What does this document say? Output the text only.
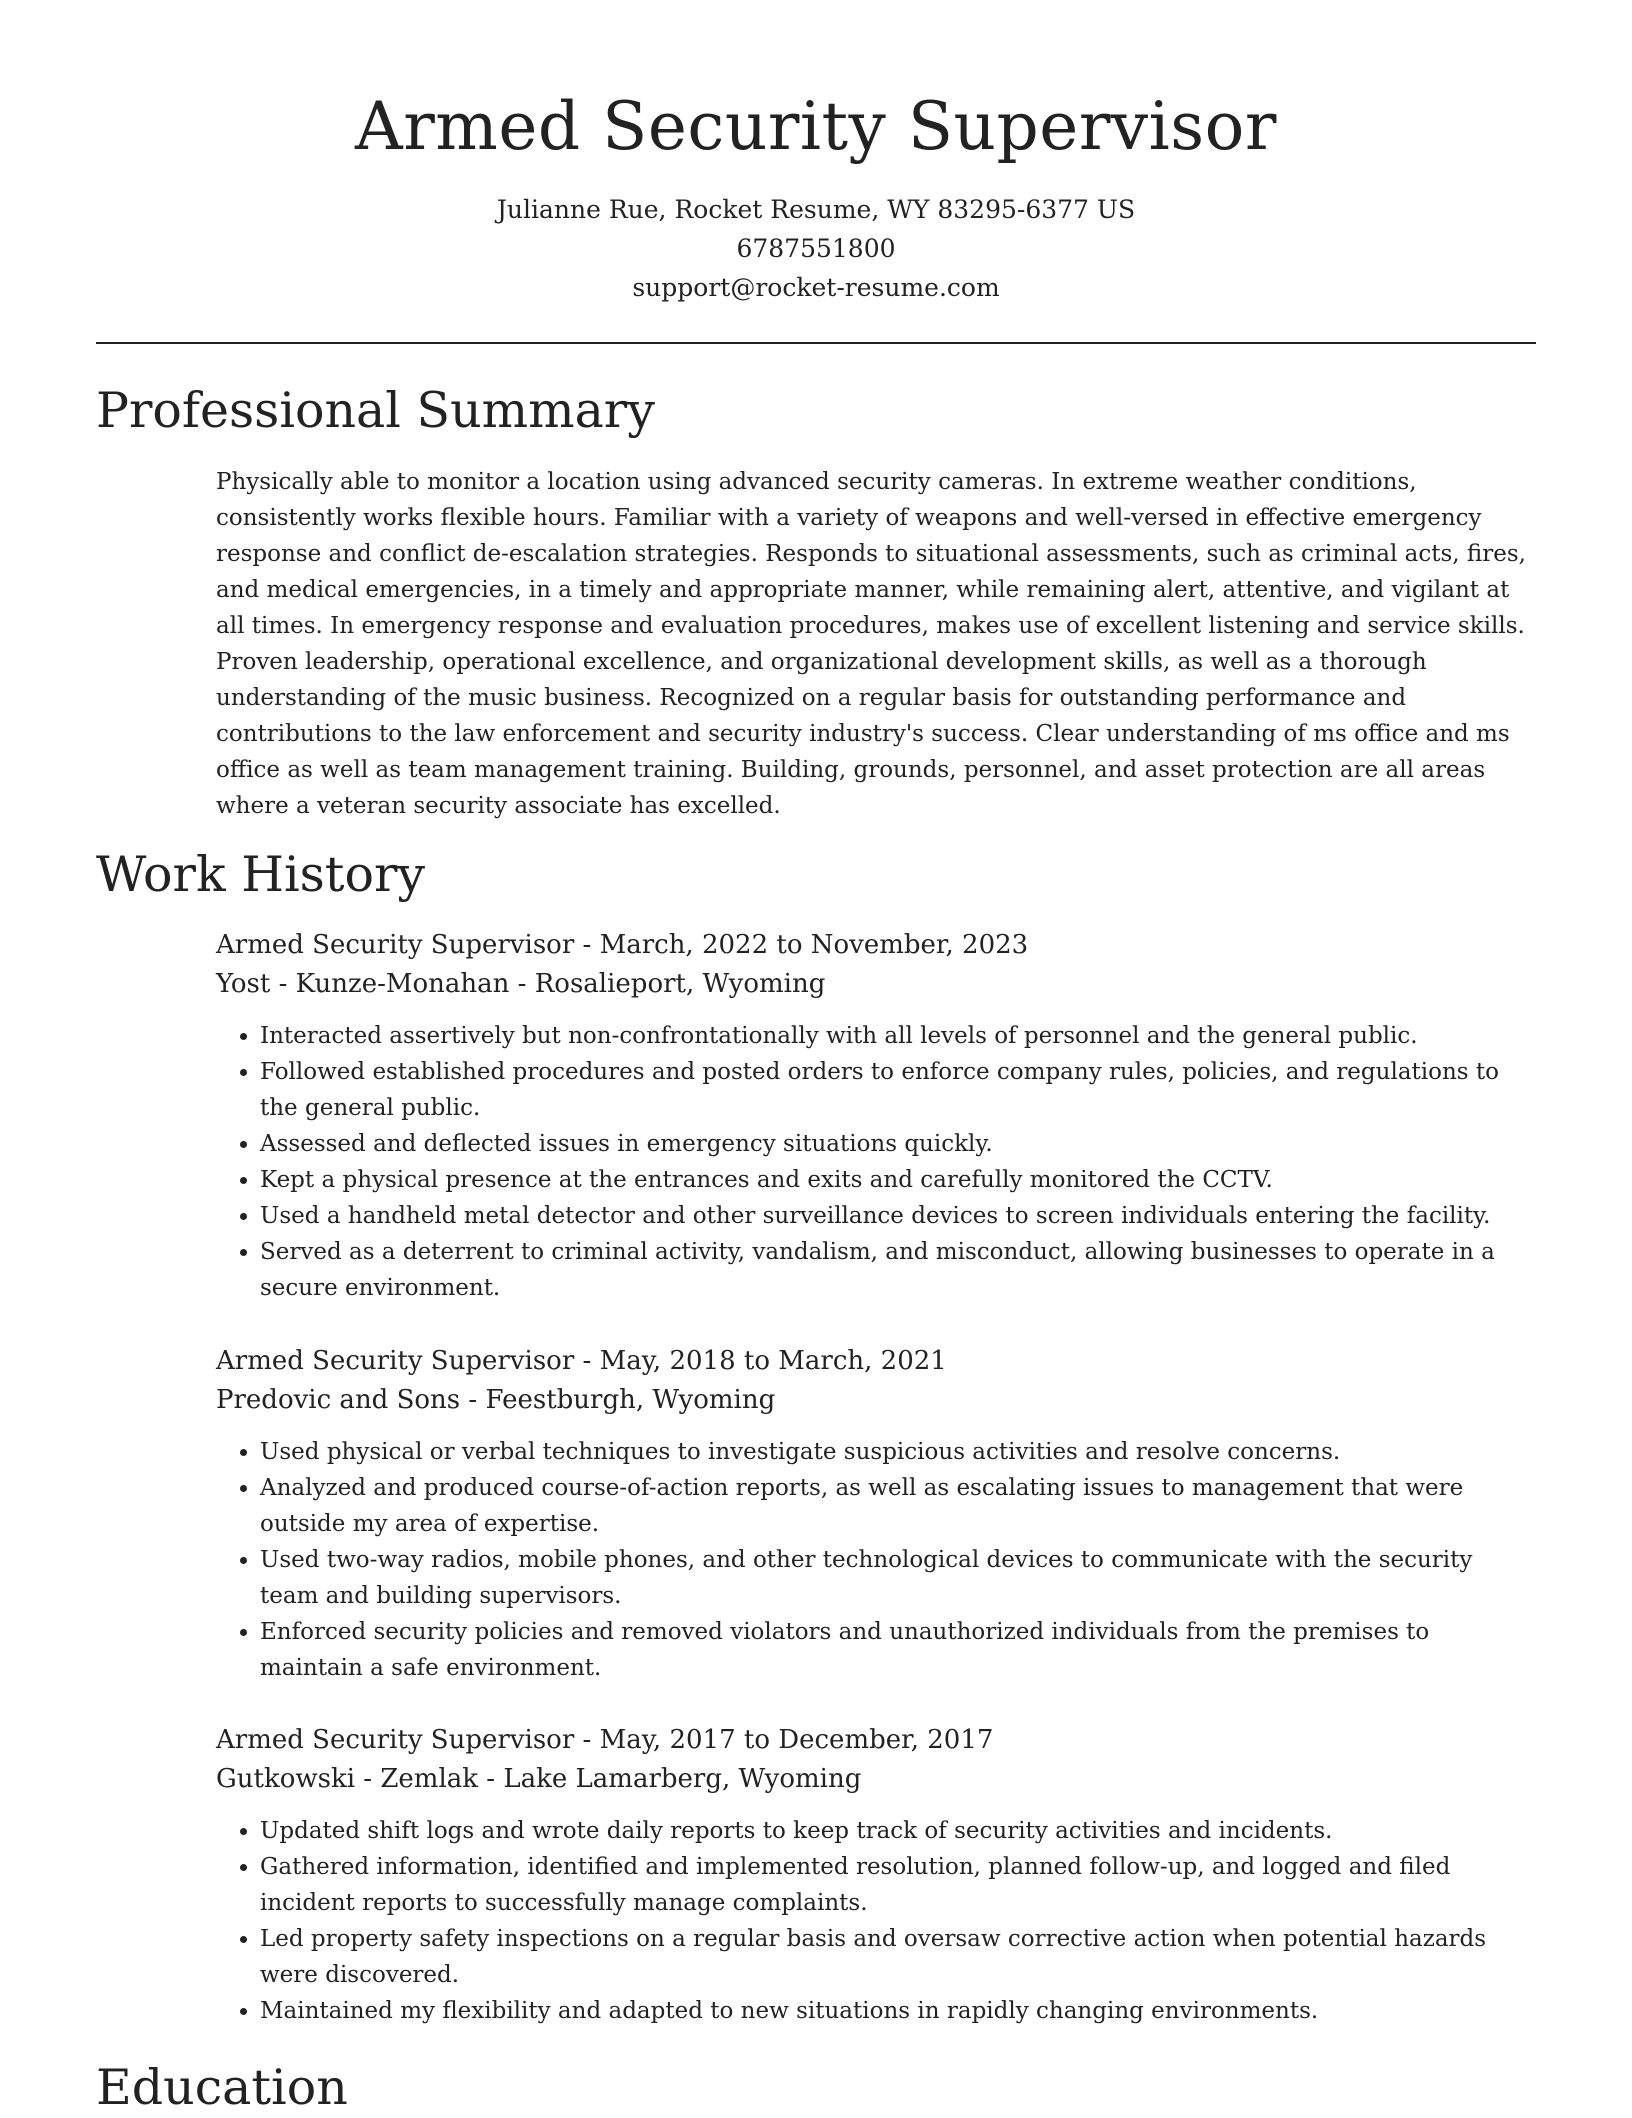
Armed Security Supervisor
Julianne Rue, Rocket Resume, WY 83295-6377 US
6787551800
support@rocket-resume.com
Professional Summary

Physically able to monitor a location using advanced security cameras. In extreme weather conditions, consistently works flexible hours. Familiar with a variety of weapons and well-versed in effective emergency response and conflict de-escalation strategies. Responds to situational assessments, such as criminal acts, fires, and medical emergencies, in a timely and appropriate manner, while remaining alert, attentive, and vigilant at all times. In emergency response and evaluation procedures, makes use of excellent listening and service skills. Proven leadership, operational excellence, and organizational development skills, as well as a thorough understanding of the music business. Recognized on a regular basis for outstanding performance and contributions to the law enforcement and security industry's success. Clear understanding of ms office and ms office as well as team management training. Building, grounds, personnel, and asset protection are all areas where a veteran security associate has excelled.

Work History
Armed Security Supervisor - March, 2022 to November, 2023
Yost - Kunze-Monahan - Rosalieport, Wyoming
• Interacted assertively but non-confrontationally with all levels of personnel and the general public.
• Followed established procedures and posted orders to enforce company rules, policies, and regulations to the general public.
• Assessed and deflected issues in emergency situations quickly.
• Kept a physical presence at the entrances and exits and carefully monitored the CCTV.
• Used a handheld metal detector and other surveillance devices to screen individuals entering the facility.
• Served as a deterrent to criminal activity, vandalism, and misconduct, allowing businesses to operate in a secure environment.
Armed Security Supervisor - May, 2018 to March, 2021
Predovic and Sons - Feestburgh, Wyoming
• Used physical or verbal techniques to investigate suspicious activities and resolve concerns.
• Analyzed and produced course-of-action reports, as well as escalating issues to management that were outside my area of expertise.
• Used two-way radios, mobile phones, and other technological devices to communicate with the security team and building supervisors.
• Enforced security policies and removed violators and unauthorized individuals from the premises to maintain a safe environment.
Armed Security Supervisor - May, 2017 to December, 2017
Gutkowski - Zemlak - Lake Lamarberg, Wyoming
• Updated shift logs and wrote daily reports to keep track of security activities and incidents.
• Gathered information, identified and implemented resolution, planned follow-up, and logged and filed incident reports to successfully manage complaints.
• Led property safety inspections on a regular basis and oversaw corrective action when potential hazards were discovered.
• Maintained my flexibility and adapted to new situations in rapidly changing environments.
Education
